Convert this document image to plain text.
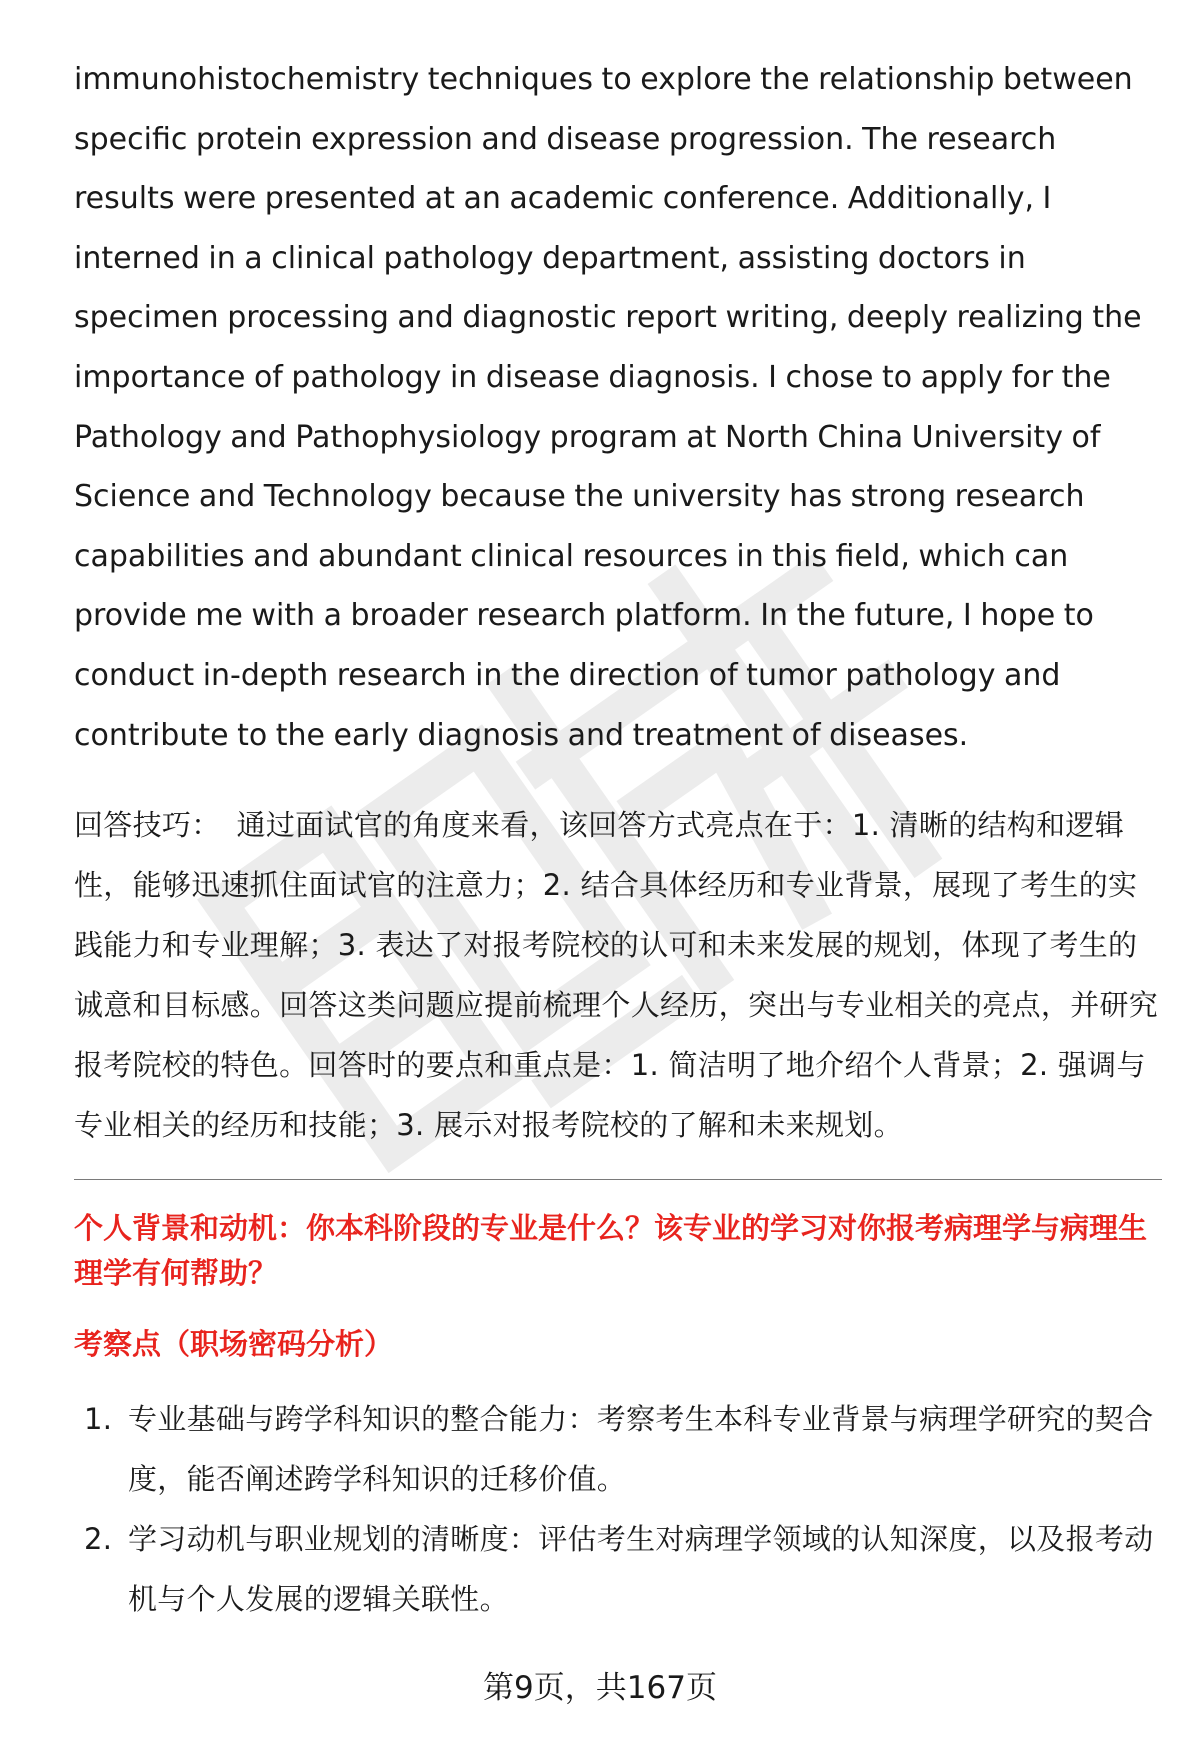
immunohistochemistry techniques to explore the relationship between specific protein expression and disease progression. The research results were presented at an academic conference. Additionally, I interned in a clinical pathology department, assisting doctors in specimen processing and diagnostic report writing, deeply realizing the importance of pathology in disease diagnosis. I chose to apply for the Pathology and Pathophysiology program at North China University of Science and Technology because the university has strong research capabilities and abundant clinical resources in this field, which can provide me with a broader research platform. In the future, I hope to conduct in-depth research in the direction of tumor pathology and contribute to the early diagnosis and treatment of diseases.

回答技巧： 通过面试官的角度来看，该回答方式亮点在于：1. 清晰的结构和逻辑性，能够迅速抓住面试官的注意力；2. 结合具体经历和专业背景，展现了考生的实践能力和专业理解；3. 表达了对报考院校的认可和未来发展的规划，体现了考生的诚意和目标感。回答这类问题应提前梳理个人经历，突出与专业相关的亮点，并研究报考院校的特色。回答时的要点和重点是：1. 简洁明了地介绍个人背景；2. 强调与专业相关的经历和技能；3. 展示对报考院校的了解和未来规划。

个人背景和动机：你本科阶段的专业是什么？该专业的学习对你报考病理学与病理生理学有何帮助？
考察点（职场密码分析）
1. 专业基础与跨学科知识的整合能力：考察考生本科专业背景与病理学研究的契合度，能否阐述跨学科知识的迁移价值。
2. 学习动机与职业规划的清晰度：评估考生对病理学领域的认知深度，以及报考动机与个人发展的逻辑关联性。
第9页，共167页
